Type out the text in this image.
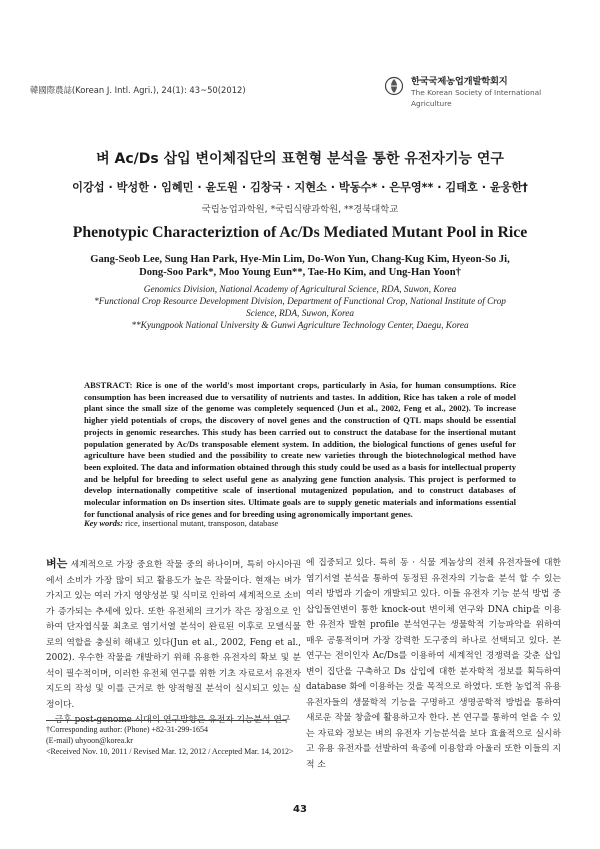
韓國際農誌(Korean J. Intl. Agri.), 24(1): 43~50(2012)
한국국제농업개발학회지
The Korean Society of International
Agriculture
벼 Ac/Ds 삽입 변이체집단의 표현형 분석을 통한 유전자기능 연구
이강섭 · 박성한 · 임혜민 · 윤도원 · 김창국 · 지현소 · 박동수* · 은무영** · 김태호 · 윤웅한†
국립농업과학원, *국립식량과학원, **경북대학교
Phenotypic Characteriztion of Ac/Ds Mediated Mutant Pool in Rice
Gang-Seob Lee, Sung Han Park, Hye-Min Lim, Do-Won Yun, Chang-Kug Kim, Hyeon-So Ji,
Dong-Soo Park*, Moo Young Eun**, Tae-Ho Kim, and Ung-Han Yoon†
Genomics Division, National Academy of Agricultural Science, RDA, Suwon, Korea
*Functional Crop Resource Development Division, Department of Functional Crop, National Institute of Crop
Science, RDA, Suwon, Korea
**Kyungpook National University & Gunwi Agriculture Technology Center, Daegu, Korea
ABSTRACT: Rice is one of the world's most important crops, particularly in Asia, for human consumptions. Rice consumption has been increased due to versatility of nutrients and tastes. In addition, Rice has taken a role of model plant since the small size of the genome was completely sequenced (Jun et al., 2002, Feng et al., 2002). To increase higher yield potentials of crops, the discovery of novel genes and the construction of QTL maps should be essential projects in genomic researches. This study has been carried out to construct the database for the insertional mutant population generated by Ac/Ds transposable element system. In addition, the biological functions of genes useful for agriculture have been studied and the possibility to create new varieties through the biotechnological method have been exploited. The data and information obtained through this study could be used as a basis for intellectual property and be helpful for breeding to select useful gene as analyzing gene function analysis. This project is performed to develop internationally competitive scale of insertional mutagenized population, and to construct databases of molecular information on Ds insertion sites. Ultimate goals are to supply genetic materials and informations essential for functional analysis of rice genes and for breeding using agronomically important genes.
Key words: rice, insertional mutant, transposon, database

벼는 세계적으로 가장 중요한 작물 중의 하나이며, 특히 아시아권에서 소비가 가장 많이 되고 활용도가 높은 작물이다. 현재는 벼가 가지고 있는 여러 가지 영양성분 및 식미로 인하여 세계적으로 소비가 증가되는 추세에 있다. 또한 유전체의 크기가 작은 장점으로 인하여 단자엽식물 최초로 염기서열 분석이 완료된 이후로 모델식물로의 역할을 충실히 해내고 있다(Jun et al., 2002, Feng et al., 2002). 우수한 작물을 개발하기 위해 유용한 유전자의 확보 및 분석이 필수적이며, 이러한 유전체 연구를 위한 기초 자료로서 유전자 지도의 작성 및 이를 근거로 한 양적형질 분석이 실시되고 있는 실정이다.

금후 post-genome 시대의 연구방향은 유전자 기능분석 연구

에 집중되고 있다. 특히 동 · 식물 게놈상의 전체 유전자들에 대한 염기서열 분석을 통하여 동정된 유전자의 기능을 분석 할 수 있는 여러 방법과 기술이 개발되고 있다. 이들 유전자 기능 분석 방법 중 삽입돌연변이 통한 knock-out 변이체 연구와 DNA chip을 이용한 유전자 발현 profile 분석연구는 생물학적 기능파악을 위하여 매우 공통적이며 가장 강력한 도구중의 하나로 선택되고 있다. 본 연구는 전이인자 Ac/Ds를 이용하여 세계적인 경쟁력을 갖춘 삽입변이 집단을 구축하고 Ds 삽입에 대한 분자학적 정보를 획득하여 database 화에 이용하는 것을 목적으로 하였다. 또한 농업적 유용유전자들의 생물학적 기능을 구명하고 생명공학적 방법을 통하여 새로운 작물 창출에 활용하고자 한다. 본 연구를 통하여 얻을 수 있는 자료와 정보는 벼의 유전자 기능분석을 보다 효율적으로 실시하고 유용 유전자를 선발하여 육종에 이용함과 아울러 또한 이들의 지적 소

†Corresponding author: (Phone) +82-31-299-1654
(E-mail) uhyoon@korea.kr
<Received Nov. 10, 2011 / Revised Mar. 12, 2012 / Accepted Mar. 14, 2012>
43
